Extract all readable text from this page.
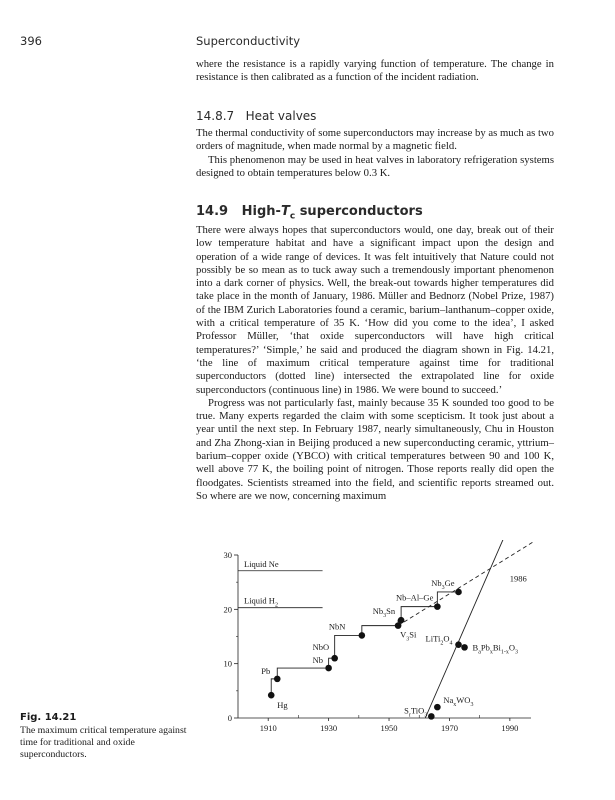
396	Superconductivity

where the resistance is a rapidly varying function of temperature. The change in resistance is then calibrated as a function of the incident radiation.

14.8.7 Heat valves

The thermal conductivity of some superconductors may increase by as much as two orders of magnitude, when made normal by a magnetic field.

This phenomenon may be used in heat valves in laboratory refrigeration systems designed to obtain temperatures below 0.3 K.

14.9 High-$T_c$ superconductors

There were always hopes that superconductors would, one day, break out of their low temperature habitat and have a significant impact upon the design and operation of a wide range of devices. It was felt intuitively that Nature could not possibly be so mean as to tuck away such a tremendously important phenomenon into a dark corner of physics. Well, the break-out towards higher temperatures did take place in the month of January, 1986. Müller and Bednorz (Nobel Prize, 1987) of the IBM Zurich Laboratories found a ceramic, barium–lanthanum–copper oxide, with a critical temperature of 35 K. ‘How did you come to the idea’, I asked Professor Müller, ‘that oxide superconductors will have high critical temperatures?’ ‘Simple,’ he said and produced the diagram shown in Fig. 14.21, ‘the line of maximum critical temperature against time for traditional superconductors (dotted line) intersected the extrapolated line for oxide superconductors (continuous line) in 1986. We were bound to succeed.’

Progress was not particularly fast, mainly because 35 K sounded too good to be true. Many experts regarded the claim with some scepticism. It took just about a year until the next step. In February 1987, nearly simultaneously, Chu in Houston and Zha Zhong-xian in Beijing produced a new superconducting ceramic, yttrium–barium–copper oxide (YBCO) with critical temperatures between 90 and 100 K, well above 77 K, the boiling point of nitrogen. Those reports really did open the floodgates. Scientists streamed into the field, and scientific reports streamed out. So where are we now, concerning maximum

0
10
20
30
1910	1930	1950	1970	1990
Liquid Ne
Liquid $H_2$
1986
Hg
Pb
Nb
NbO
NbN
$V_3Si$
$Nb_3Sn$
Nb–Al–Ge
$Nb_3Ge$
$S_rTiO_3$
$Na_xWO_3$
$LiTi_2O_4$ $B_aPb_xBi_{1-x}O_3$
Fig. 14.21
The maximum critical temperature against time for traditional and oxide superconductors.
